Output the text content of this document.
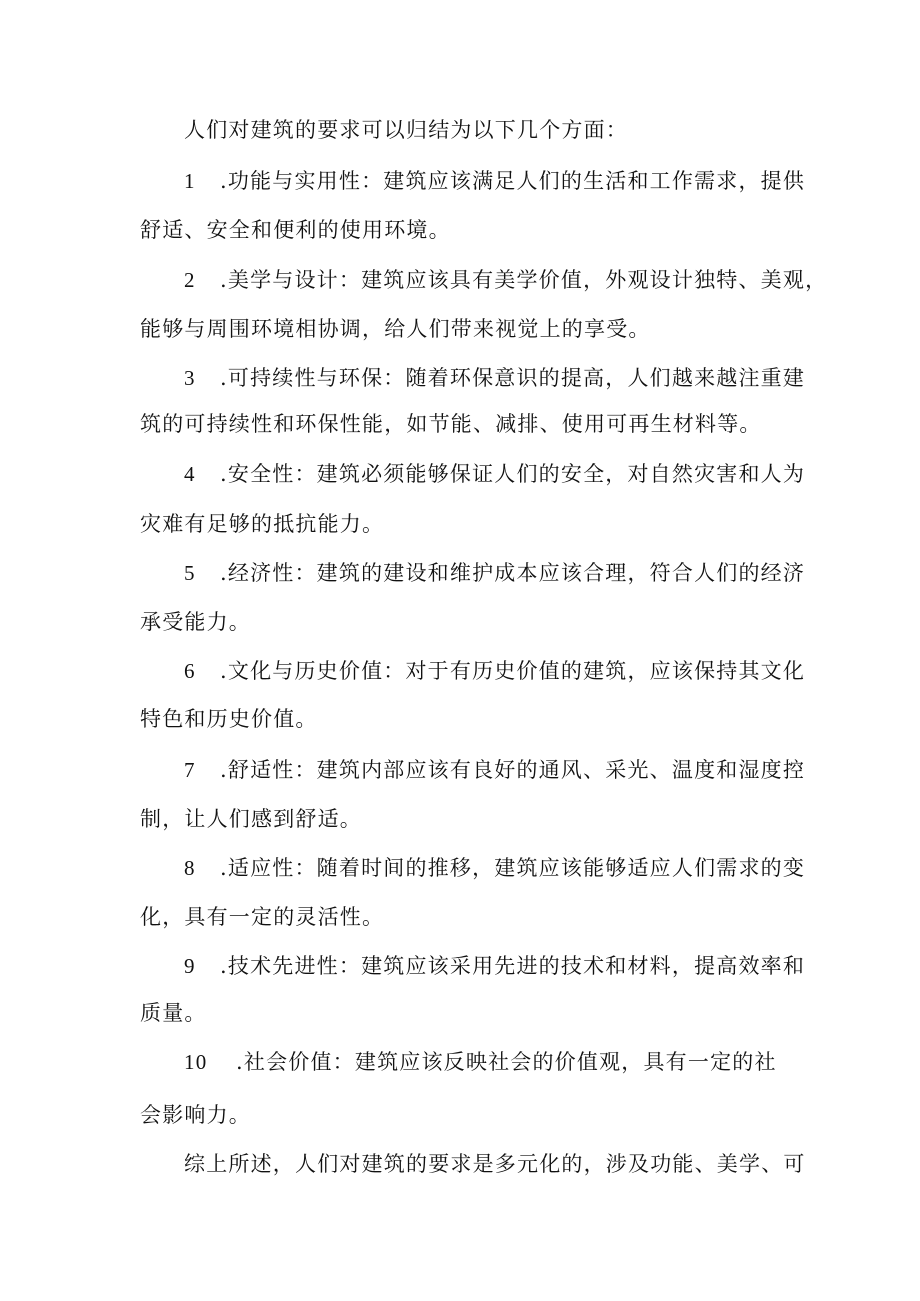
人们对建筑的要求可以归结为以下几个方面：
1 .功能与实用性：建筑应该满足人们的生活和工作需求，提供
舒适、安全和便利的使用环境。
2 .美学与设计：建筑应该具有美学价值，外观设计独特、美观，
能够与周围环境相协调，给人们带来视觉上的享受。
3 .可持续性与环保：随着环保意识的提高，人们越来越注重建
筑的可持续性和环保性能，如节能、减排、使用可再生材料等。
4 .安全性：建筑必须能够保证人们的安全，对自然灾害和人为
灾难有足够的抵抗能力。
5 .经济性：建筑的建设和维护成本应该合理，符合人们的经济
承受能力。
6 .文化与历史价值：对于有历史价值的建筑，应该保持其文化
特色和历史价值。
7 .舒适性：建筑内部应该有良好的通风、采光、温度和湿度控
制，让人们感到舒适。
8 .适应性：随着时间的推移，建筑应该能够适应人们需求的变
化，具有一定的灵活性。
9 .技术先进性：建筑应该采用先进的技术和材料，提高效率和
质量。
10 .社会价值：建筑应该反映社会的价值观，具有一定的社
会影响力。
综上所述，人们对建筑的要求是多元化的，涉及功能、美学、可
